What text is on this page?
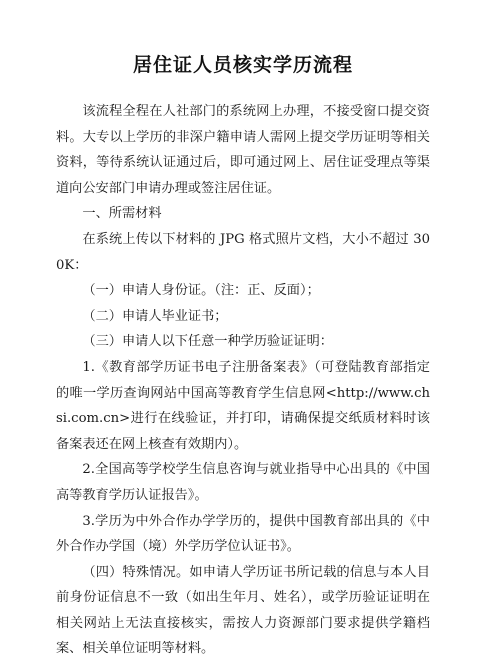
居住证人员核实学历流程

该流程全程在人社部门的系统网上办理，不接受窗口提交资料。大专以上学历的非深户籍申请人需网上提交学历证明等相关资料，等待系统认证通过后，即可通过网上、居住证受理点等渠道向公安部门申请办理或签注居住证。

一、所需材料

在系统上传以下材料的 JPG 格式照片文档，大小不超过 300K：

（一）申请人身份证。（注：正、反面）；

（二）申请人毕业证书；

（三）申请人以下任意一种学历验证证明：

1.《教育部学历证书电子注册备案表》（可登陆教育部指定的唯一学历查询网站中国高等教育学生信息网<http://www.chsi.com.cn>进行在线验证，并打印，请确保提交纸质材料时该备案表还在网上核查有效期内）。

2.全国高等学校学生信息咨询与就业指导中心出具的《中国高等教育学历认证报告》。

3.学历为中外合作办学学历的，提供中国教育部出具的《中外合作办学国（境）外学历学位认证书》。

（四）特殊情况。如申请人学历证书所记载的信息与本人目前身份证信息不一致（如出生年月、姓名），或学历验证证明在相关网站上无法直接核实，需按人力资源部门要求提供学籍档案、相关单位证明等材料。
